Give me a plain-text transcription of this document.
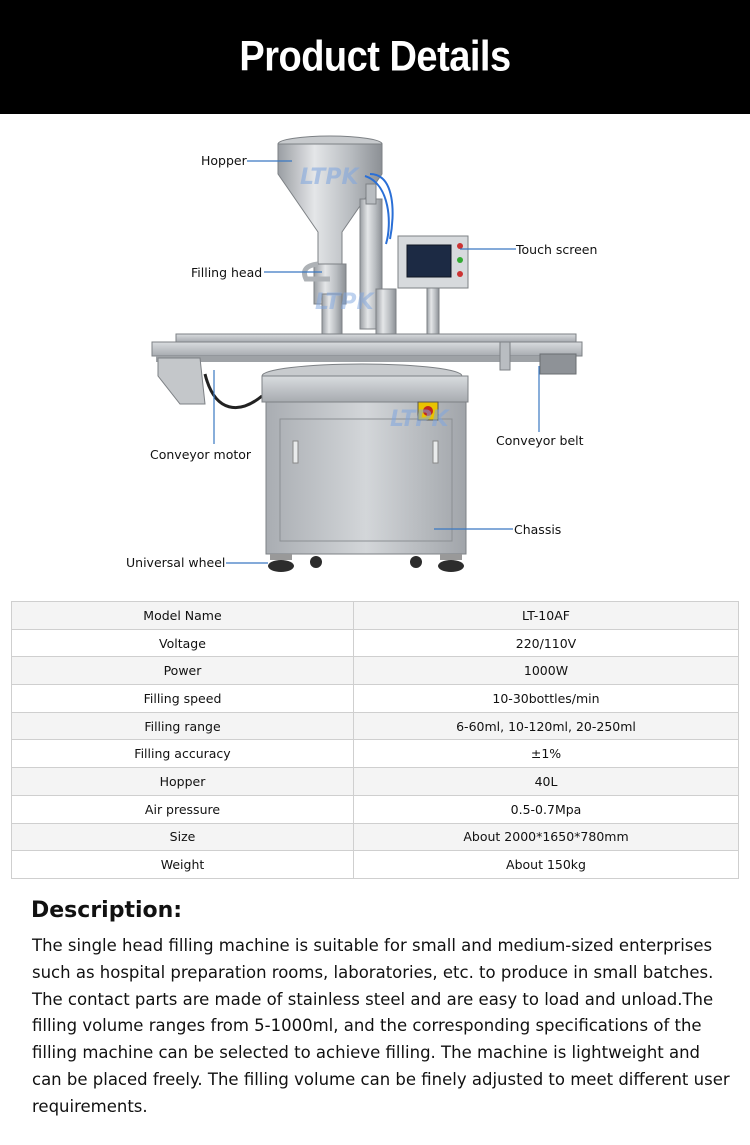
Product Details
LTPK
LTPK
LTPK
Hopper
Filling head
Touch screen
Conveyor motor
Conveyor belt
Chassis
Universal wheel
Model Name	LT-10AF
Voltage	220/110V
Power	1000W
Filling speed	10-30bottles/min
Filling range	6-60ml, 10-120ml, 20-250ml
Filling accuracy	±1%
Hopper	40L
Air pressure	0.5-0.7Mpa
Size	About 2000*1650*780mm
Weight	About 150kg
Description:
The single head filling machine is suitable for small and medium-sized enterprises such as hospital preparation rooms, laboratories, etc. to produce in small batches. The contact parts are made of stainless steel and are easy to load and unload.The filling volume ranges from 5-1000ml, and the corresponding specifications of the filling machine can be selected to achieve filling. The machine is lightweight and can be placed freely. The filling volume can be finely adjusted to meet different user requirements.
